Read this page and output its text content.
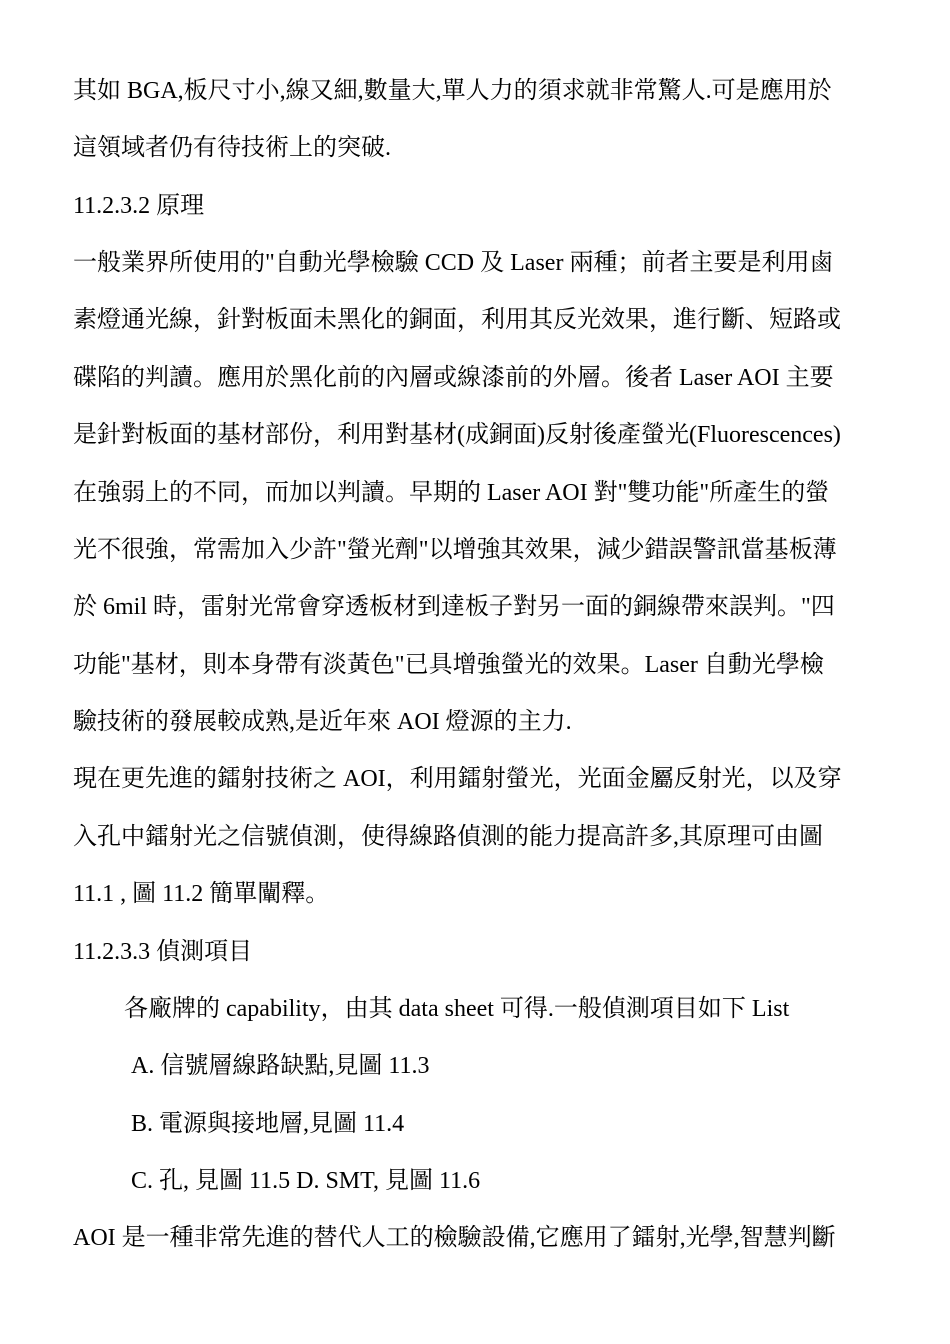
其如 BGA,板尺寸小,線又細,數量大,單人力的須求就非常驚人.可是應用於

這領域者仍有待技術上的突破.

11.2.3.2 原理

一般業界所使用的"自動光學檢驗 CCD 及 Laser 兩種；前者主要是利用鹵

素燈通光線，針對板面未黑化的銅面，利用其反光效果，進行斷、短路或

碟陷的判讀。應用於黑化前的內層或線漆前的外層。後者 Laser AOI 主要

是針對板面的基材部份，利用對基材(成銅面)反射後產螢光(Fluorescences)

在強弱上的不同，而加以判讀。早期的 Laser AOI 對"雙功能"所產生的螢

光不很強，常需加入少許"螢光劑"以增強其效果，減少錯誤警訊當基板薄

於 6mil 時，雷射光常會穿透板材到達板子對另一面的銅線帶來誤判。"四

功能"基材，則本身帶有淡黃色"已具增強螢光的效果。Laser 自動光學檢

驗技術的發展較成熟,是近年來 AOI 燈源的主力.

現在更先進的鐳射技術之 AOI，利用鐳射螢光，光面金屬反射光，以及穿

入孔中鐳射光之信號偵測，使得線路偵測的能力提高許多,其原理可由圖

11.1 , 圖 11.2 簡單闡釋。

11.2.3.3 偵測項目

各廠牌的 capability，由其 data sheet 可得.一般偵測項目如下 List

A. 信號層線路缺點,見圖 11.3

B. 電源與接地層,見圖 11.4

C. 孔, 見圖 11.5 D. SMT, 見圖 11.6

AOI 是一種非常先進的替代人工的檢驗設備,它應用了鐳射,光學,智慧判斷
